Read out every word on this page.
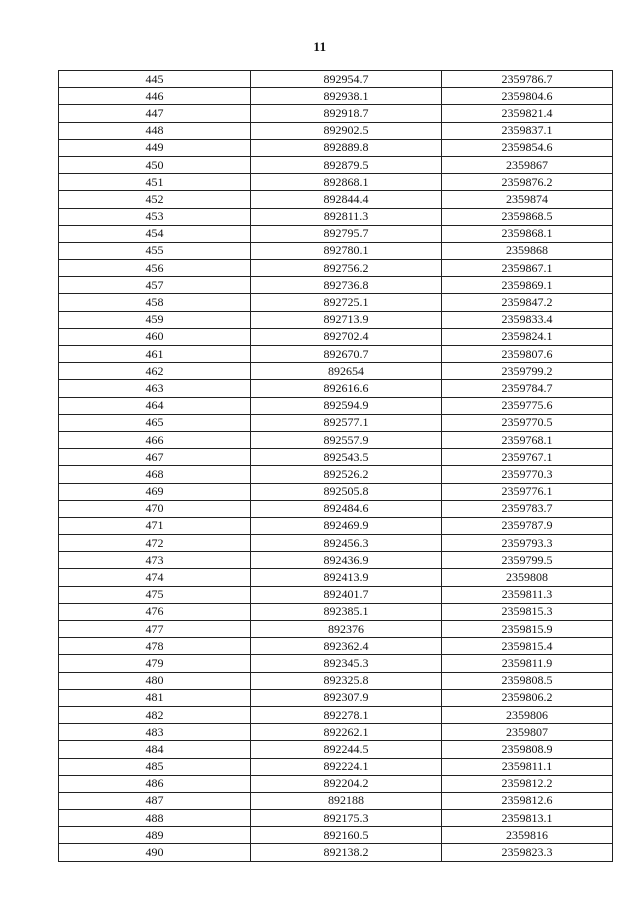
11
445	892954.7	2359786.7
446	892938.1	2359804.6
447	892918.7	2359821.4
448	892902.5	2359837.1
449	892889.8	2359854.6
450	892879.5	2359867
451	892868.1	2359876.2
452	892844.4	2359874
453	892811.3	2359868.5
454	892795.7	2359868.1
455	892780.1	2359868
456	892756.2	2359867.1
457	892736.8	2359869.1
458	892725.1	2359847.2
459	892713.9	2359833.4
460	892702.4	2359824.1
461	892670.7	2359807.6
462	892654	2359799.2
463	892616.6	2359784.7
464	892594.9	2359775.6
465	892577.1	2359770.5
466	892557.9	2359768.1
467	892543.5	2359767.1
468	892526.2	2359770.3
469	892505.8	2359776.1
470	892484.6	2359783.7
471	892469.9	2359787.9
472	892456.3	2359793.3
473	892436.9	2359799.5
474	892413.9	2359808
475	892401.7	2359811.3
476	892385.1	2359815.3
477	892376	2359815.9
478	892362.4	2359815.4
479	892345.3	2359811.9
480	892325.8	2359808.5
481	892307.9	2359806.2
482	892278.1	2359806
483	892262.1	2359807
484	892244.5	2359808.9
485	892224.1	2359811.1
486	892204.2	2359812.2
487	892188	2359812.6
488	892175.3	2359813.1
489	892160.5	2359816
490	892138.2	2359823.3
